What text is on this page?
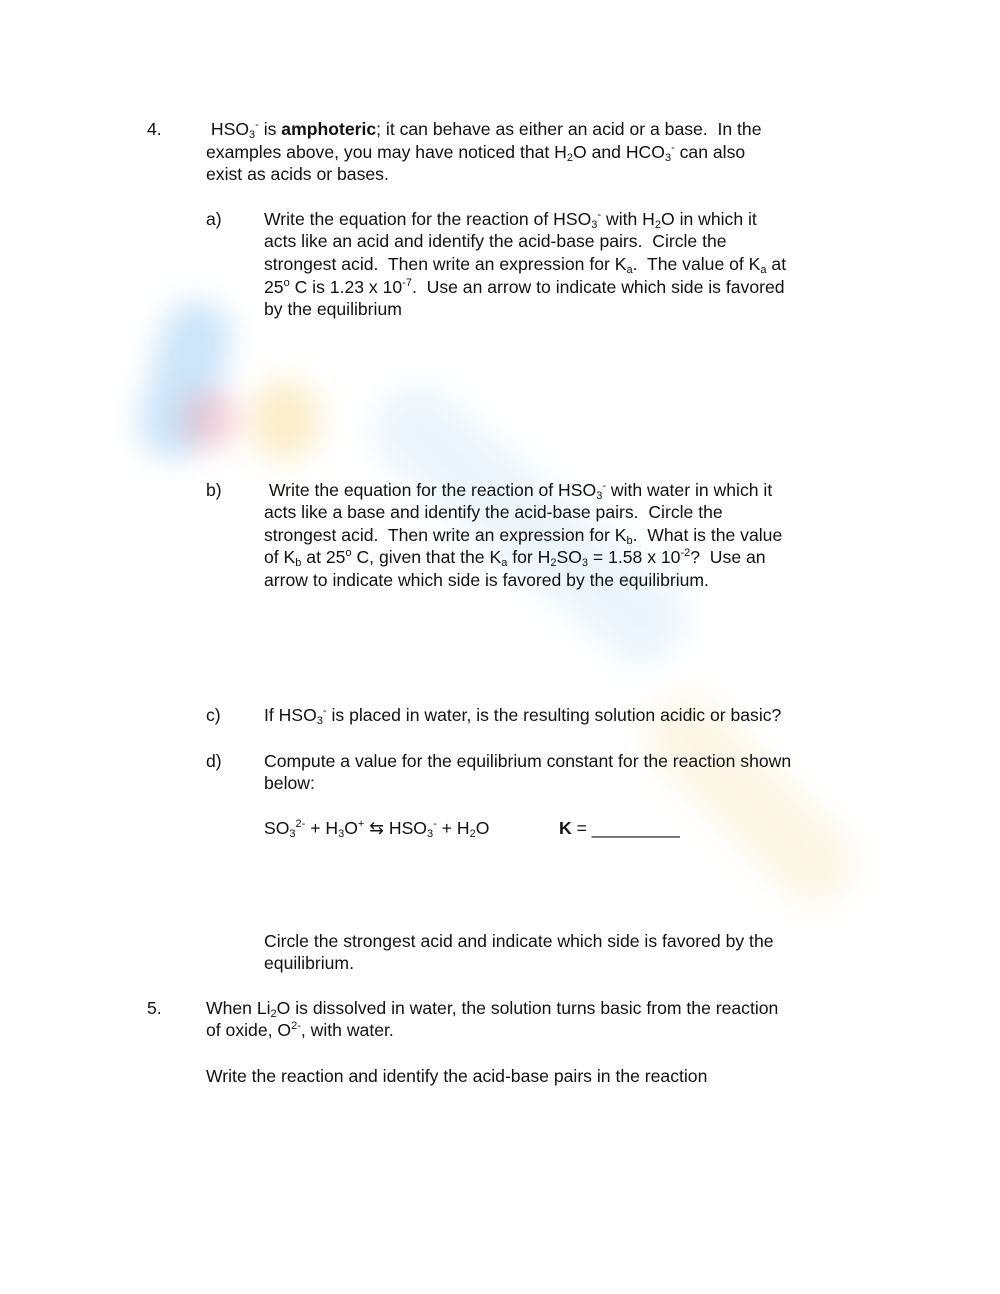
4.	$HSO_3^-$ is amphoteric; it can behave as either an acid or a base.  In the
examples above, you may have noticed that $H_2O$ and $HCO_3^-$ can also
exist as acids or bases.
a) Write the equation for the reaction of $HSO_3^-$ with $H_2O$ in which it
acts like an acid and identify the acid-base pairs.  Circle the
strongest acid.  Then write an expression for $K_a$.  The value of $K_a$ at
25$^o$ C is 1.23 x $10^{-7}$.  Use an arrow to indicate which side is favored
by the equilibrium
b) Write the equation for the reaction of $HSO_3^-$ with water in which it
acts like a base and identify the acid-base pairs.  Circle the
strongest acid.  Then write an expression for $K_b$.  What is the value
of $K_b$ at 25$^o$ C, given that the $K_a$ for $H_2SO_3 = 1.58$ x $10^{-2}$?  Use an
arrow to indicate which side is favored by the equilibrium.
c) If $HSO_3^-$ is placed in water, is the resulting solution acidic or basic?
d) Compute a value for the equilibrium constant for the reaction shown
below:
$SO_3^{2-} + H_3O^+$ ⇆ $HSO_3^- + H_2O$	K = _________
Circle the strongest acid and indicate which side is favored by the
equilibrium.
5.	When $Li_2O$ is dissolved in water, the solution turns basic from the reaction
of oxide, $O^{2-}$, with water.
Write the reaction and identify the acid-base pairs in the reaction
